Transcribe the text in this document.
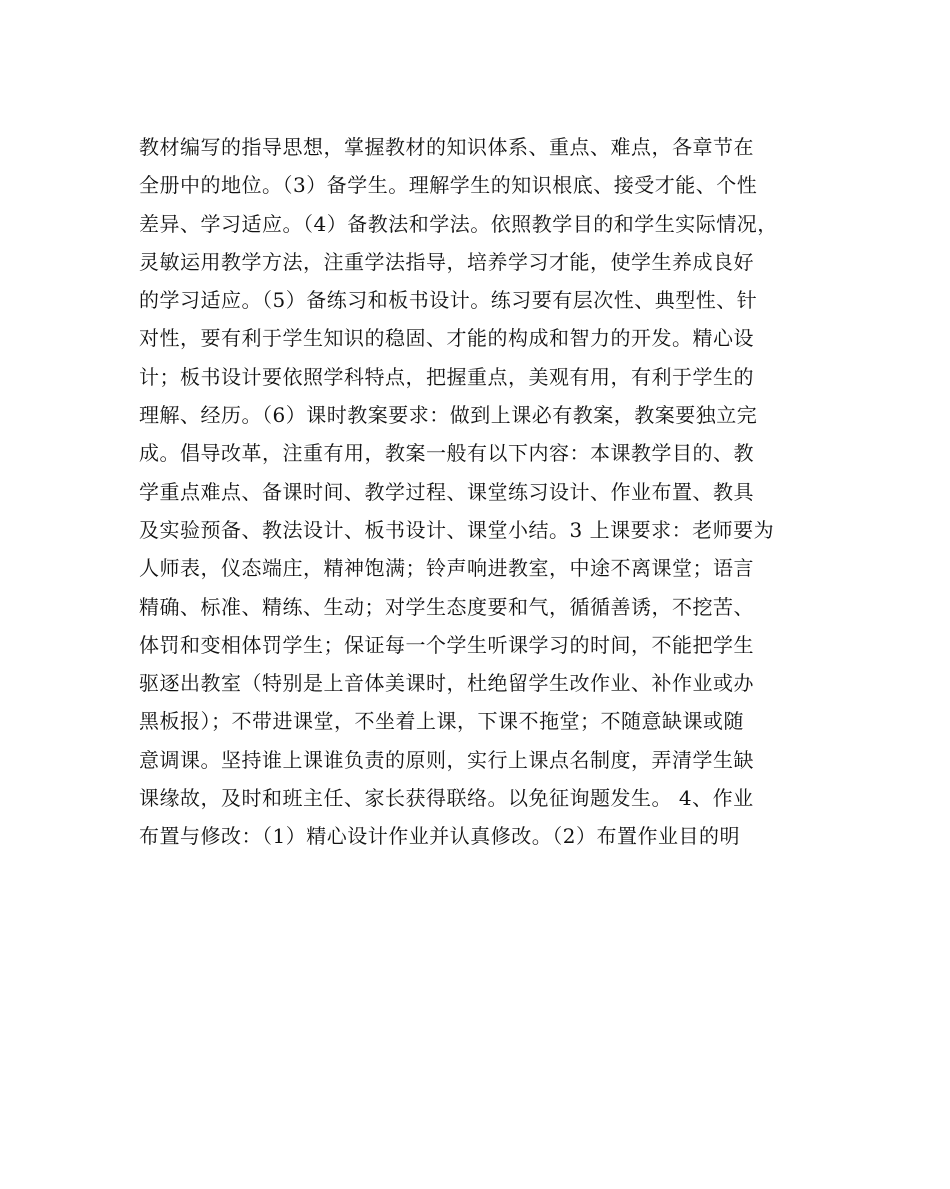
教材编写的指导思想，掌握教材的知识体系、重点、难点，各章节在
全册中的地位。（3）备学生。理解学生的知识根底、接受才能、个性
差异、学习适应。（4）备教法和学法。依照教学目的和学生实际情况，
灵敏运用教学方法，注重学法指导，培养学习才能，使学生养成良好
的学习适应。（5）备练习和板书设计。练习要有层次性、典型性、针
对性，要有利于学生知识的稳固、才能的构成和智力的开发。精心设
计；板书设计要依照学科特点，把握重点，美观有用，有利于学生的
理解、经历。（6）课时教案要求：做到上课必有教案，教案要独立完
成。倡导改革，注重有用，教案一般有以下内容：本课教学目的、教
学重点难点、备课时间、教学过程、课堂练习设计、作业布置、教具
及实验预备、教法设计、板书设计、课堂小结。3 上课要求：老师要为
人师表，仪态端庄，精神饱满；铃声响进教室，中途不离课堂；语言
精确、标准、精练、生动；对学生态度要和气，循循善诱，不挖苦、
体罚和变相体罚学生；保证每一个学生听课学习的时间，不能把学生
驱逐出教室（特别是上音体美课时，杜绝留学生改作业、补作业或办
黑板报）；不带进课堂，不坐着上课，下课不拖堂；不随意缺课或随
意调课。坚持谁上课谁负责的原则，实行上课点名制度，弄清学生缺
课缘故，及时和班主任、家长获得联络。以免征询题发生。 4、作业
布置与修改：（1）精心设计作业并认真修改。（2）布置作业目的明
